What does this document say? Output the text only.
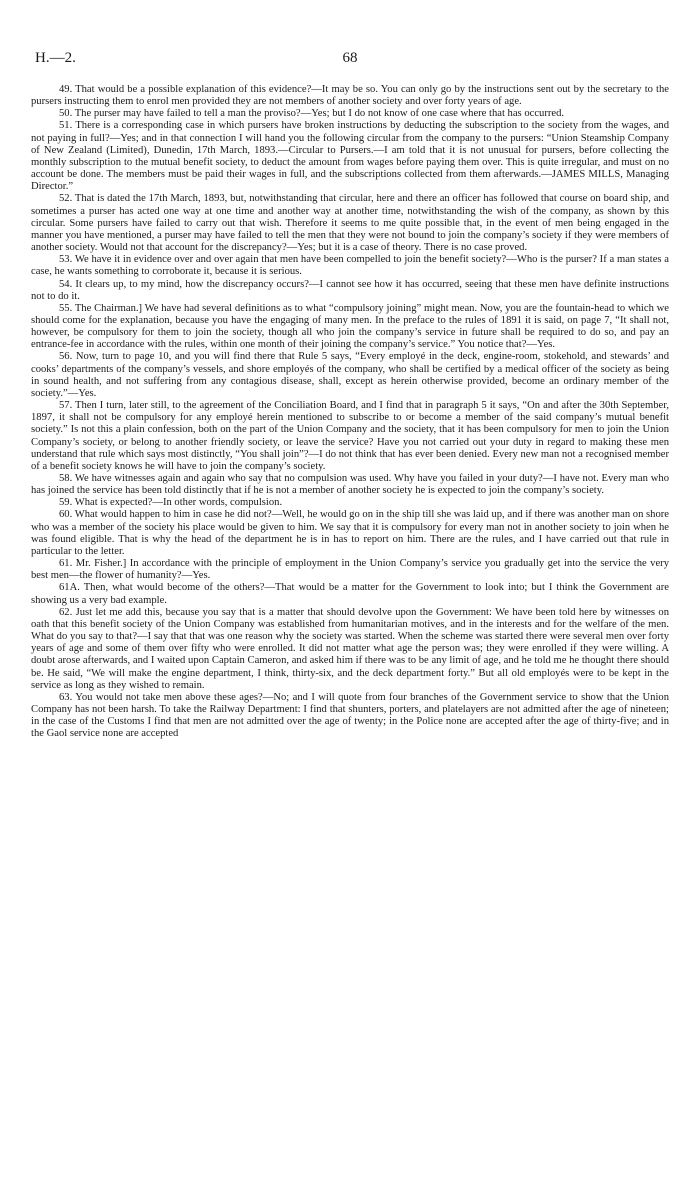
H.—2.	68

49. That would be a possible explanation of this evidence?—It may be so. You can only go by the instructions sent out by the secretary to the pursers instructing them to enrol men provided they are not members of another society and over forty years of age.

50. The purser may have failed to tell a man the proviso?—Yes; but I do not know of one case where that has occurred.

51. There is a corresponding case in which pursers have broken instructions by deducting the subscription to the society from the wages, and not paying in full?—Yes; and in that connection I will hand you the following circular from the company to the pursers: “Union Steamship Company of New Zealand (Limited), Dunedin, 17th March, 1893.—Circular to Pursers.—I am told that it is not unusual for pursers, before collecting the monthly subscription to the mutual benefit society, to deduct the amount from wages before paying them over. This is quite irregular, and must on no account be done. The members must be paid their wages in full, and the subscriptions collected from them afterwards.—JAMES MILLS, Managing Director.”

52. That is dated the 17th March, 1893, but, notwithstanding that circular, here and there an officer has followed that course on board ship, and sometimes a purser has acted one way at one time and another way at another time, notwithstanding the wish of the company, as shown by this circular. Some pursers have failed to carry out that wish. Therefore it seems to me quite possible that, in the event of men being engaged in the manner you have mentioned, a purser may have failed to tell the men that they were not bound to join the company’s society if they were members of another society. Would not that account for the discrepancy?—Yes; but it is a case of theory. There is no case proved.

53. We have it in evidence over and over again that men have been compelled to join the benefit society?—Who is the purser? If a man states a case, he wants something to corroborate it, because it is serious.

54. It clears up, to my mind, how the discrepancy occurs?—I cannot see how it has occurred, seeing that these men have definite instructions not to do it.

55. The Chairman.] We have had several definitions as to what “compulsory joining” might mean. Now, you are the fountain-head to which we should come for the explanation, because you have the engaging of many men. In the preface to the rules of 1891 it is said, on page 7, “It shall not, however, be compulsory for them to join the society, though all who join the company’s service in future shall be required to do so, and pay an entrance-fee in accordance with the rules, within one month of their joining the company’s service.” You notice that?—Yes.

56. Now, turn to page 10, and you will find there that Rule 5 says, “Every employé in the deck, engine-room, stokehold, and stewards’ and cooks’ departments of the company’s vessels, and shore employés of the company, who shall be certified by a medical officer of the society as being in sound health, and not suffering from any contagious disease, shall, except as herein otherwise provided, become an ordinary member of the society.”—Yes.

57. Then I turn, later still, to the agreement of the Conciliation Board, and I find that in paragraph 5 it says, “On and after the 30th September, 1897, it shall not be compulsory for any employé herein mentioned to subscribe to or become a member of the said company’s mutual benefit society.” Is not this a plain confession, both on the part of the Union Company and the society, that it has been compulsory for men to join the Union Company’s society, or belong to another friendly society, or leave the service? Have you not carried out your duty in regard to making these men understand that rule which says most distinctly, “You shall join”?—I do not think that has ever been denied. Every new man not a recognised member of a benefit society knows he will have to join the company’s society.

58. We have witnesses again and again who say that no compulsion was used. Why have you failed in your duty?—I have not. Every man who has joined the service has been told distinctly that if he is not a member of another society he is expected to join the company’s society.

59. What is expected?—In other words, compulsion.

60. What would happen to him in case he did not?—Well, he would go on in the ship till she was laid up, and if there was another man on shore who was a member of the society his place would be given to him. We say that it is compulsory for every man not in another society to join when he was found eligible. That is why the head of the department he is in has to report on him. There are the rules, and I have carried out that rule in particular to the letter.

61. Mr. Fisher.] In accordance with the principle of employment in the Union Company’s service you gradually get into the service the very best men—the flower of humanity?—Yes.

61A. Then, what would become of the others?—That would be a matter for the Government to look into; but I think the Government are showing us a very bad example.

62. Just let me add this, because you say that is a matter that should devolve upon the Government: We have been told here by witnesses on oath that this benefit society of the Union Company was established from humanitarian motives, and in the interests and for the welfare of the men. What do you say to that?—I say that that was one reason why the society was started. When the scheme was started there were several men over forty years of age and some of them over fifty who were enrolled. It did not matter what age the person was; they were enrolled if they were willing. A doubt arose afterwards, and I waited upon Captain Cameron, and asked him if there was to be any limit of age, and he told me he thought there should be. He said, “We will make the engine department, I think, thirty-six, and the deck department forty.” But all old employés were to be kept in the service as long as they wished to remain.

63. You would not take men above these ages?—No; and I will quote from four branches of the Government service to show that the Union Company has not been harsh. To take the Railway Department: I find that shunters, porters, and platelayers are not admitted after the age of nineteen; in the case of the Customs I find that men are not admitted over the age of twenty; in the Police none are accepted after the age of thirty-five; and in the Gaol service none are accepted
